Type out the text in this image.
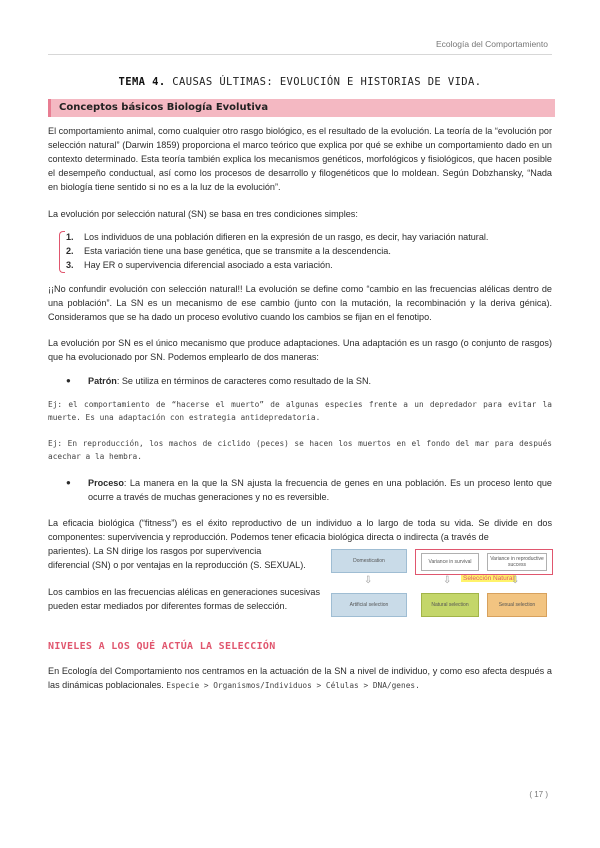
Ecología del Comportamiento
TEMA 4. CAUSAS ÚLTIMAS: EVOLUCIÓN E HISTORIAS DE VIDA.
Conceptos básicos Biología Evolutiva
El comportamiento animal, como cualquier otro rasgo biológico, es el resultado de la evolución. La teoría de la “evolución por selección natural” (Darwin 1859) proporciona el marco teórico que explica por qué se exhibe un comportamiento dado en un contexto determinado. Esta teoría también explica los mecanismos genéticos, morfológicos y fisiológicos, que hacen posible el desempeño conductual, así como los procesos de desarrollo y filogenéticos que lo moldean. Según Dobzhansky, “Nada en biología tiene sentido si no es a la luz de la evolución”.
La evolución por selección natural (SN) se basa en tres condiciones simples:
1. Los individuos de una población difieren en la expresión de un rasgo, es decir, hay variación natural.
2. Esta variación tiene una base genética, que se transmite a la descendencia.
3. Hay ER o supervivencia diferencial asociado a esta variación.
¡¡No confundir evolución con selección natural!! La evolución se define como “cambio en las frecuencias alélicas dentro de una población”. La SN es un mecanismo de ese cambio (junto con la mutación, la recombinación y la deriva génica). Consideramos que se ha dado un proceso evolutivo cuando los cambios se fijan en el fenotipo.
La evolución por SN es el único mecanismo que produce adaptaciones. Una adaptación es un rasgo (o conjunto de rasgos) que ha evolucionado por SN. Podemos emplearlo de dos maneras:
● Patrón: Se utiliza en términos de caracteres como resultado de la SN.
Ej: el comportamiento de “hacerse el muerto” de algunas especies frente a un depredador para evitar la muerte. Es una adaptación con estrategia antidepredatoria.
Ej: En reproducción, los machos de ciclido (peces) se hacen los muertos en el fondo del mar para después acechar a la hembra.
● Proceso: La manera en la que la SN ajusta la frecuencia de genes en una población. Es un proceso lento que ocurre a través de muchas generaciones y no es reversible.
La eficacia biológica (“fitness”) es el éxito reproductivo de un individuo a lo largo de toda su vida. Se divide en dos componentes: supervivencia y reproducción. Podemos tener eficacia biológica directa o indirecta (a través de
parientes). La SN dirige los rasgos por supervivencia
diferencial (SN) o por ventajas en la reproducción (S. SEXUAL).
Los cambios en las frecuencias alélicas en generaciones sucesivas pueden estar mediados por diferentes formas de selección.
Domestication	Variance in survival	Variance in reproductive success
Selección Natural
⇩	⇩	⇩
Artificial selection	Natural selection	Sexual selection
NIVELES A LOS QUÉ ACTÚA LA SELECCIÓN
En Ecología del Comportamiento nos centramos en la actuación de la SN a nivel de individuo, y como eso afecta después a las dinámicas poblacionales. Especie > Organismos/Individuos > Células > DNA/genes.
( 17 )
